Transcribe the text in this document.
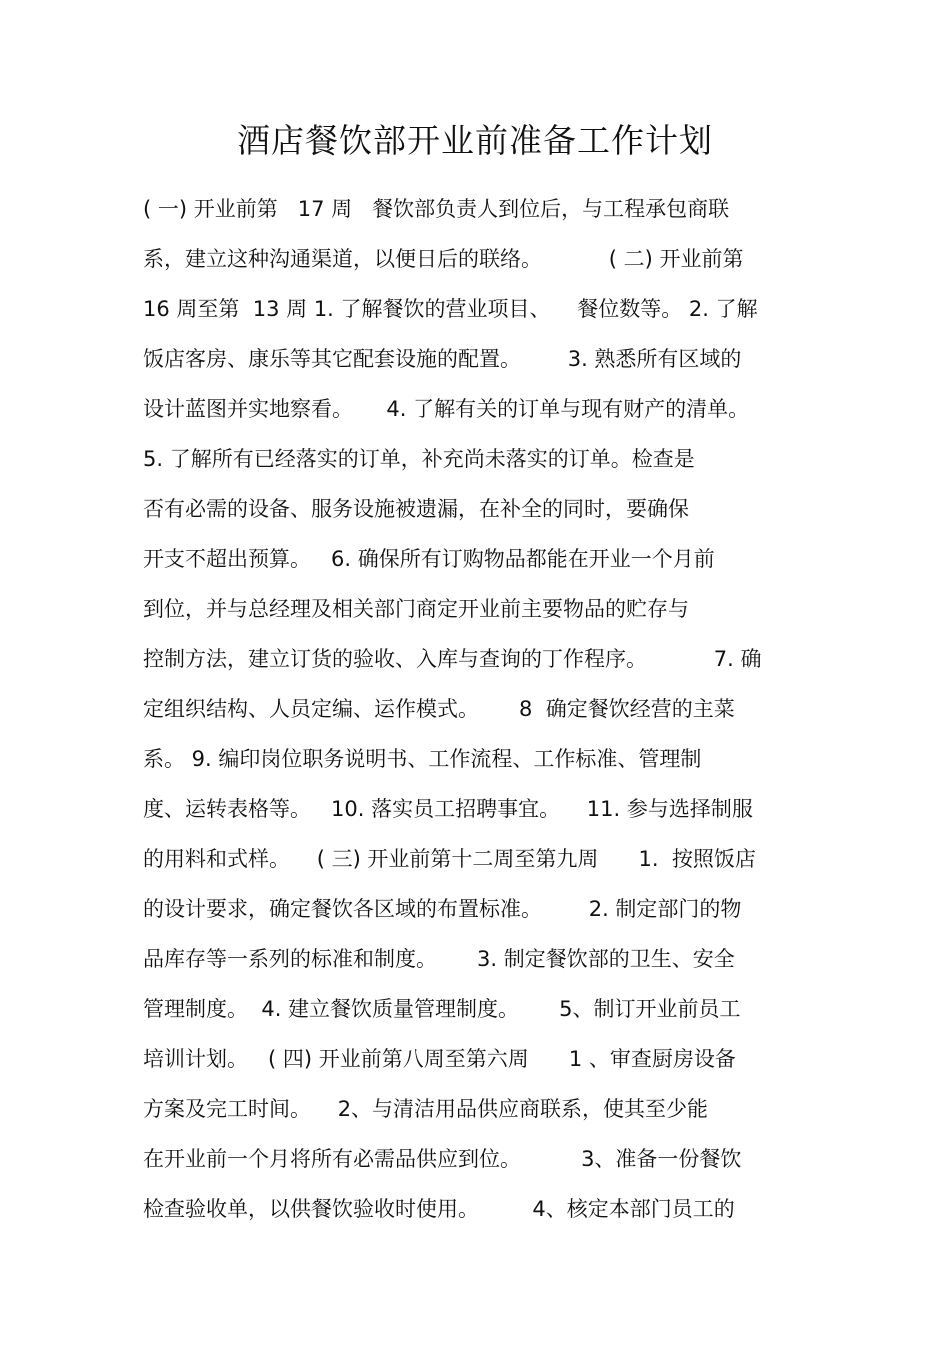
酒店餐饮部开业前准备工作计划
( 一) 开业前第   17 周   餐饮部负责人到位后，与工程承包商联
系，建立这种沟通渠道，以便日后的联络。          ( 二) 开业前第
16 周至第  13 周 1. 了解餐饮的营业项目、    餐位数等。 2. 了解
饭店客房、康乐等其它配套设施的配置。       3. 熟悉所有区域的
设计蓝图并实地察看。     4. 了解有关的订单与现有财产的清单。
5. 了解所有已经落实的订单，补充尚未落实的订单。检查是
否有必需的设备、服务设施被遗漏，在补全的同时，要确保
开支不超出预算。   6. 确保所有订购物品都能在开业一个月前
到位，并与总经理及相关部门商定开业前主要物品的贮存与
控制方法，建立订货的验收、入库与查询的丁作程序。          7. 确
定组织结构、人员定编、运作模式。      8  确定餐饮经营的主菜
系。 9. 编印岗位职务说明书、工作流程、工作标准、管理制
度、运转表格等。   10. 落实员工招聘事宜。    11. 参与选择制服
的用料和式样。    ( 三) 开业前第十二周至第九周      1.  按照饭店
的设计要求，确定餐饮各区域的布置标准。       2. 制定部门的物
品库存等一系列的标准和制度。      3. 制定餐饮部的卫生、安全
管理制度。  4. 建立餐饮质量管理制度。      5、制订开业前员工
培训计划。   ( 四) 开业前第八周至第六周      1 、审查厨房设备
方案及完工时间。    2、与清洁用品供应商联系，使其至少能
在开业前一个月将所有必需品供应到位。         3、准备一份餐饮
检查验收单，以供餐饮验收时使用。        4、核定本部门员工的
